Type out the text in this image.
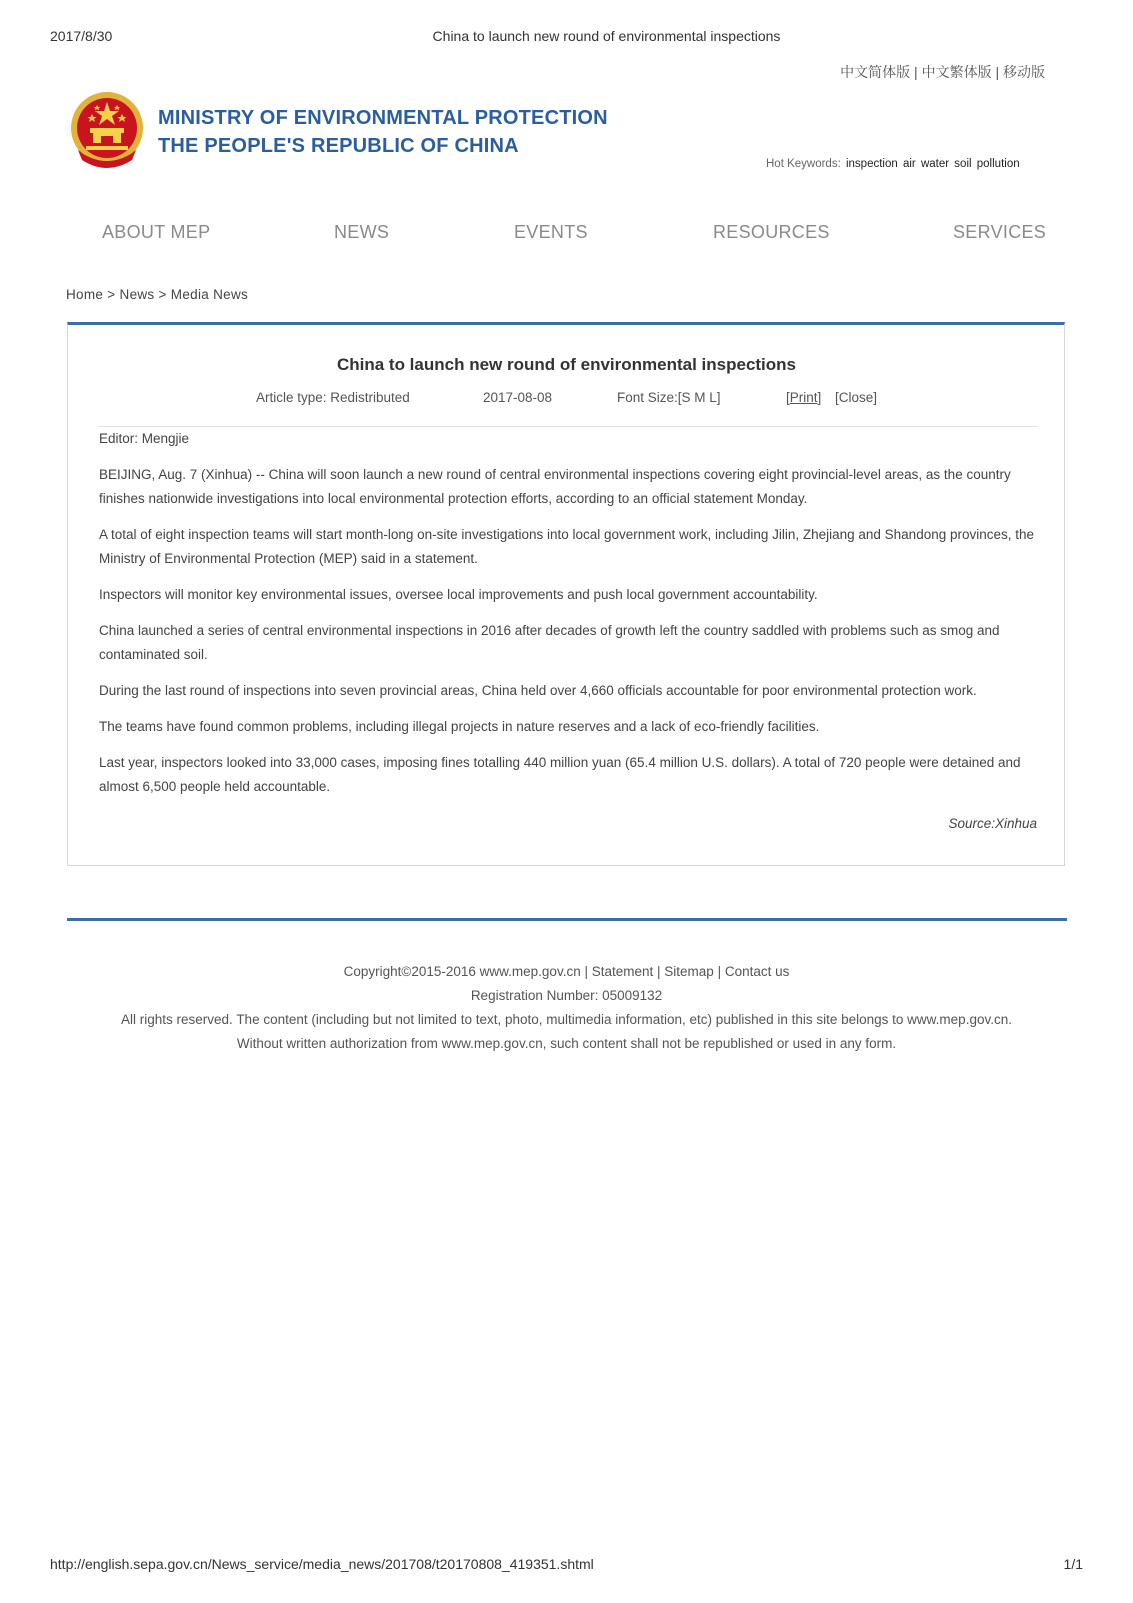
2017/8/30	China to launch new round of environmental inspections
中文简体版 | 中文繁体版 | 移动版
MINISTRY OF ENVIRONMENTAL PROTECTION
THE PEOPLE'S REPUBLIC OF CHINA
Hot Keywords: inspection air water soil pollution
ABOUT MEP	NEWS	EVENTS	RESOURCES	SERVICES
Home > News > Media News
China to launch new round of environmental inspections
Article type: Redistributed	2017-08-08	Font Size:[S M L]	[Print] [Close]
Editor: Mengjie
BEIJING, Aug. 7 (Xinhua) -- China will soon launch a new round of central environmental inspections covering eight provincial-level areas, as the country finishes nationwide investigations into local environmental protection efforts, according to an official statement Monday.
A total of eight inspection teams will start month-long on-site investigations into local government work, including Jilin, Zhejiang and Shandong provinces, the Ministry of Environmental Protection (MEP) said in a statement.
Inspectors will monitor key environmental issues, oversee local improvements and push local government accountability.
China launched a series of central environmental inspections in 2016 after decades of growth left the country saddled with problems such as smog and contaminated soil.
During the last round of inspections into seven provincial areas, China held over 4,660 officials accountable for poor environmental protection work.
The teams have found common problems, including illegal projects in nature reserves and a lack of eco-friendly facilities.
Last year, inspectors looked into 33,000 cases, imposing fines totalling 440 million yuan (65.4 million U.S. dollars). A total of 720 people were detained and almost 6,500 people held accountable.
Source:Xinhua
Copyright©2015-2016 www.mep.gov.cn | Statement | Sitemap | Contact us
Registration Number: 05009132
All rights reserved. The content (including but not limited to text, photo, multimedia information, etc) published in this site belongs to www.mep.gov.cn.
Without written authorization from www.mep.gov.cn, such content shall not be republished or used in any form.
http://english.sepa.gov.cn/News_service/media_news/201708/t20170808_419351.shtml	1/1
